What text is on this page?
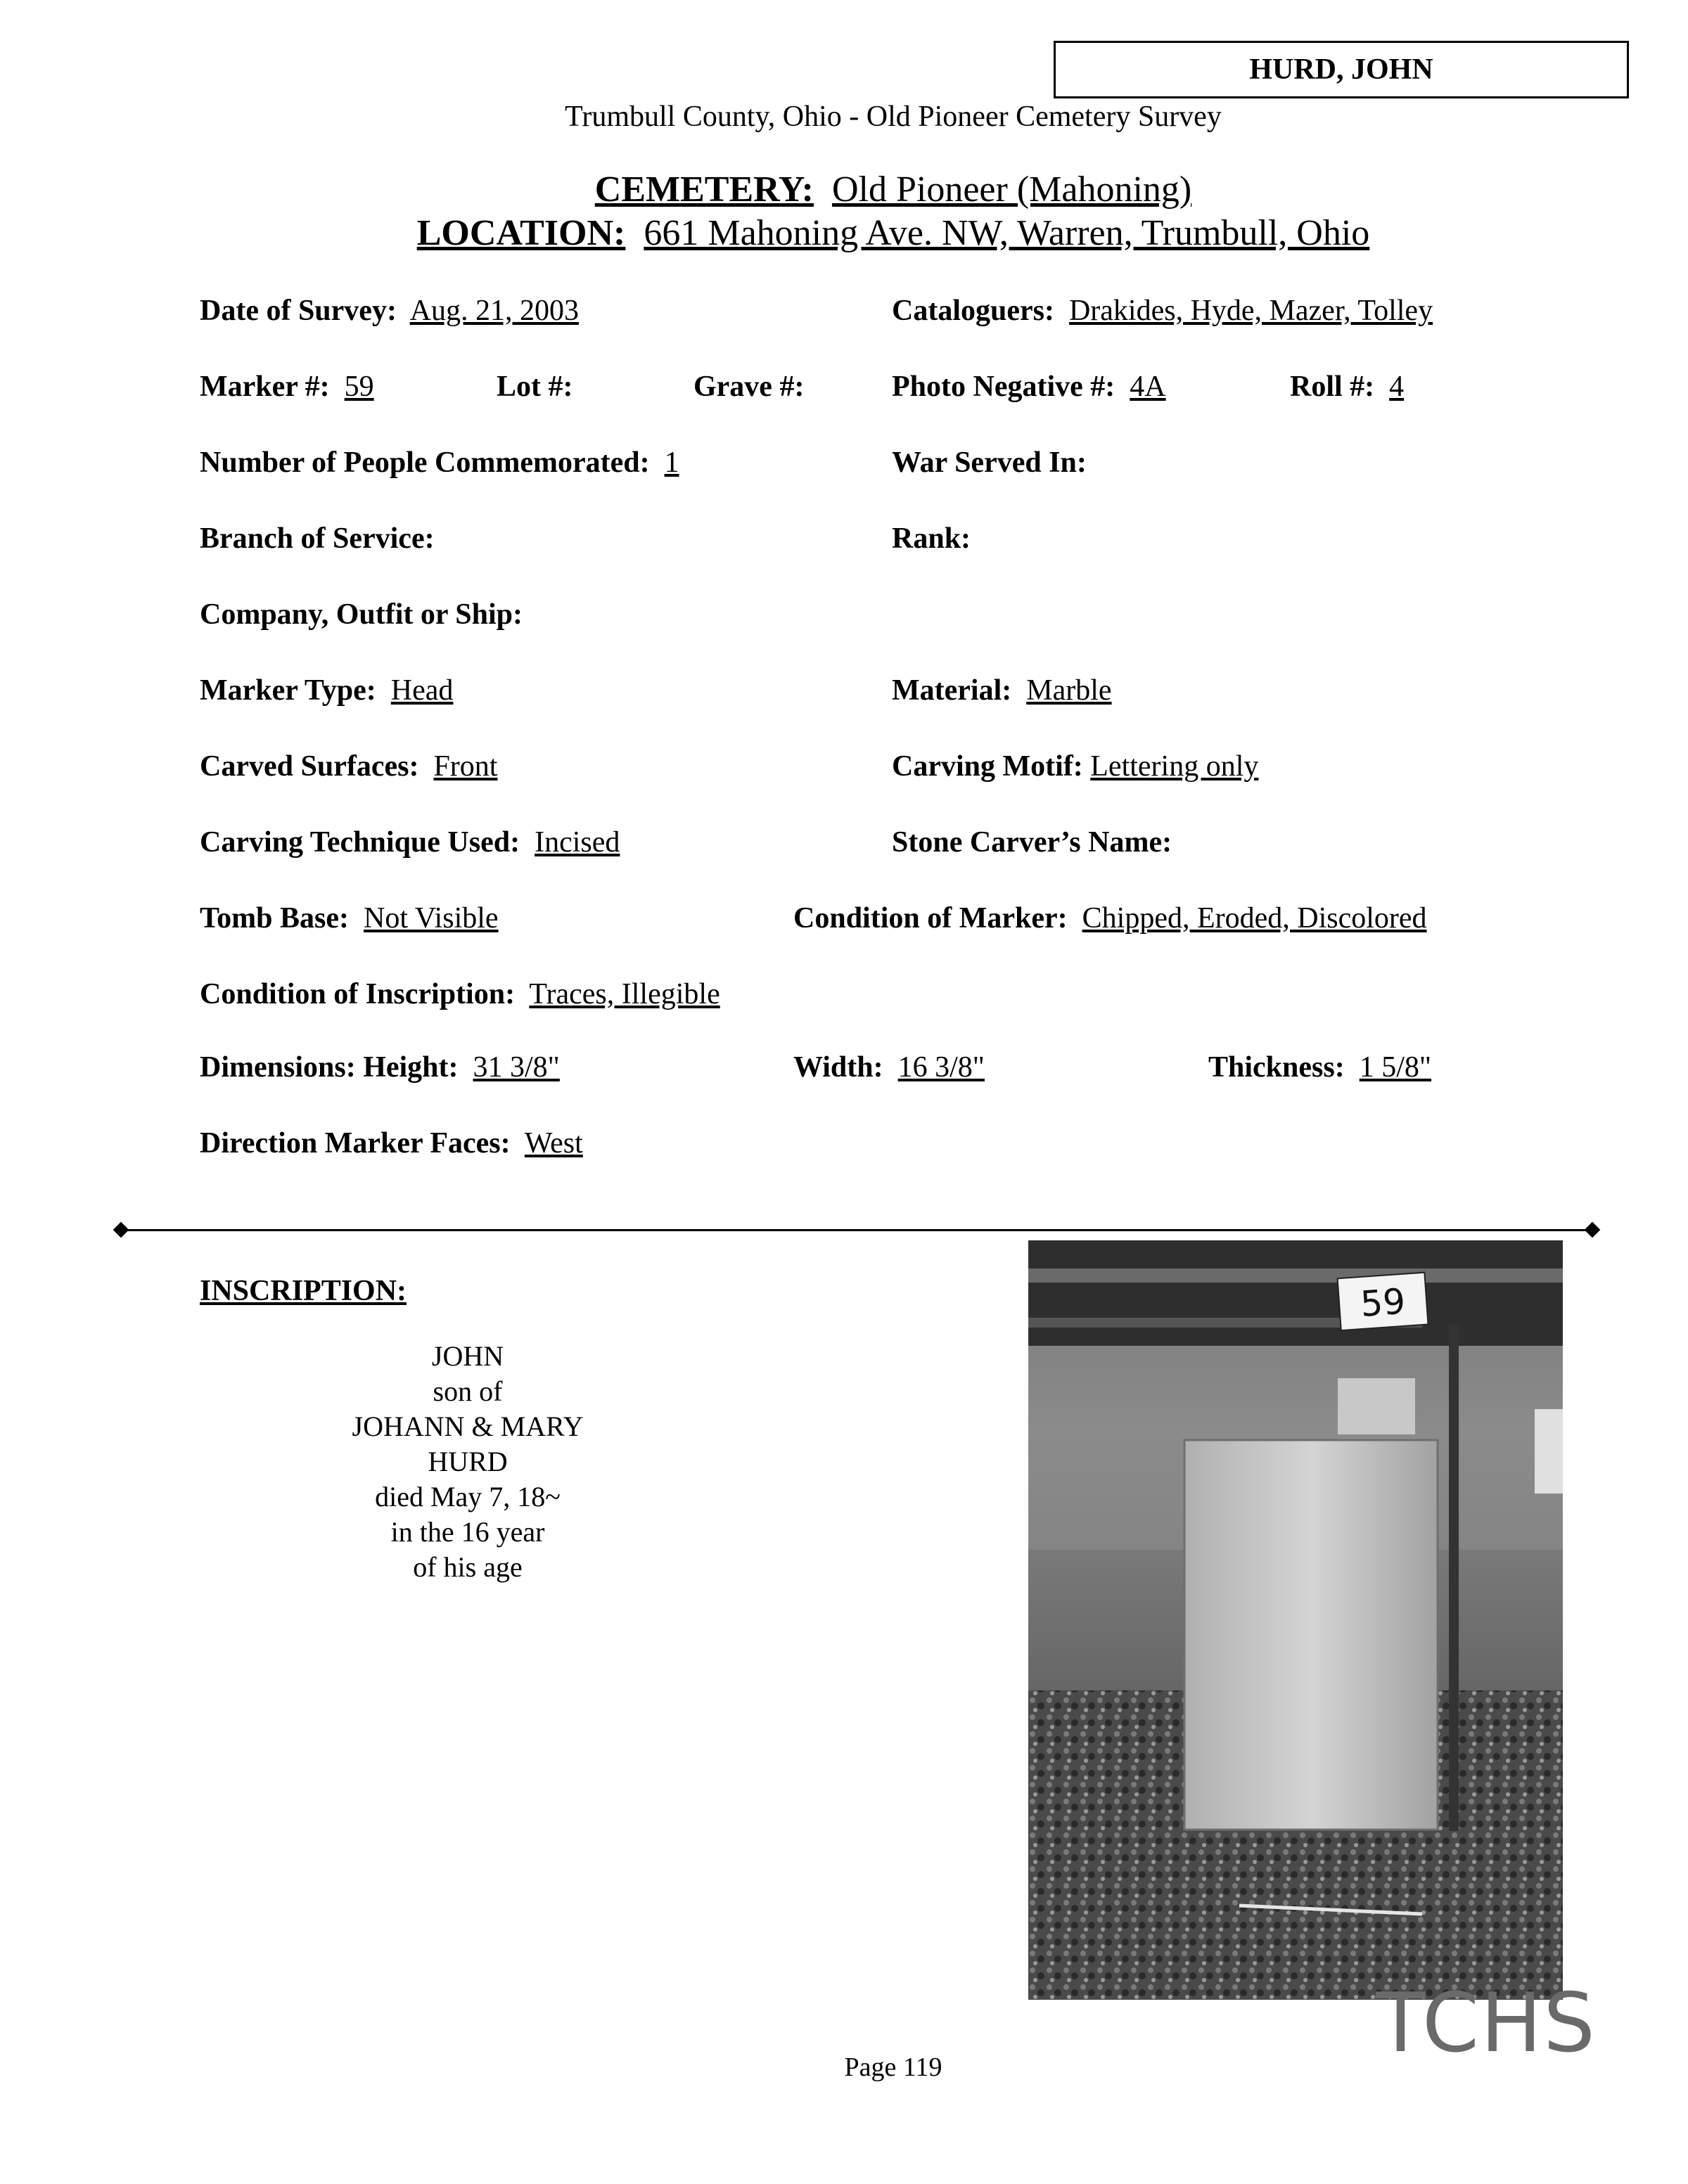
HURD, JOHN
Trumbull County, Ohio - Old Pioneer Cemetery Survey
CEMETERY: Old Pioneer (Mahoning)
LOCATION: 661 Mahoning Ave. NW, Warren, Trumbull, Ohio
Date of Survey: Aug. 21, 2003	Cataloguers: Drakides, Hyde, Mazer, Tolley
Marker #: 59	Lot #:	Grave #:	Photo Negative #: 4A	Roll #: 4
Number of People Commemorated: 1	War Served In:
Branch of Service:	Rank:
Company, Outfit or Ship:
Marker Type: Head	Material: Marble
Carved Surfaces: Front	Carving Motif: Lettering only
Carving Technique Used: Incised	Stone Carver’s Name:
Tomb Base: Not Visible	Condition of Marker: Chipped, Eroded, Discolored
Condition of Inscription: Traces, Illegible
Dimensions: Height: 31 3/8"	Width: 16 3/8"	Thickness: 1 5/8"
Direction Marker Faces: West
INSCRIPTION:
JOHN
son of
JOHANN & MARY
HURD
died May 7, 18~
in the 16 year
of his age
59
Page 119	TCHS
